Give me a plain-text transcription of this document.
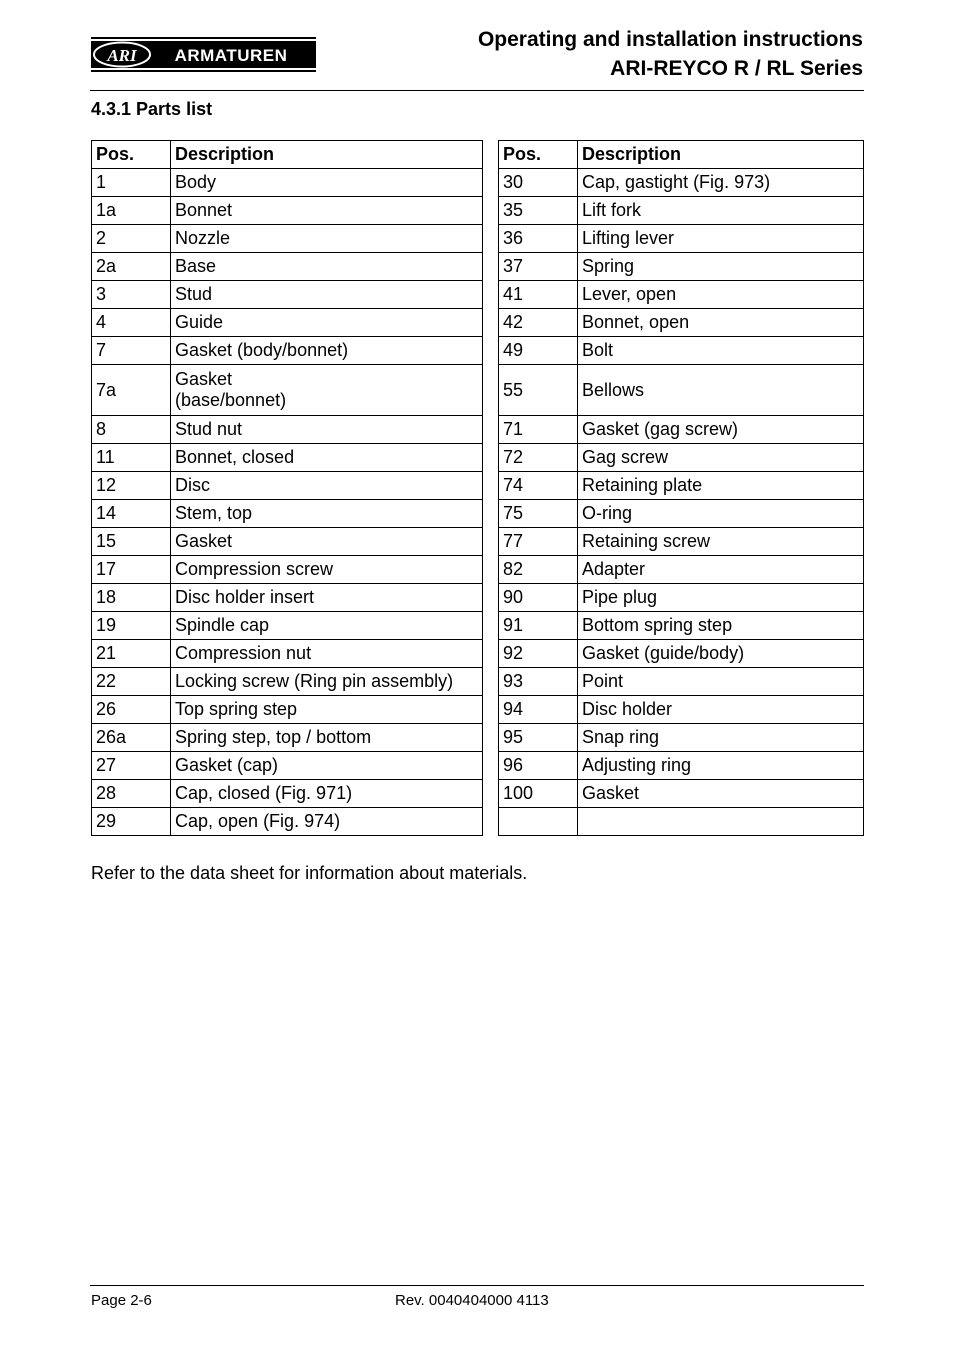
ARI ARMATUREN
Operating and installation instructions
ARI-REYCO R / RL Series
4.3.1 Parts list
Pos.	Description
1	Body
1a	Bonnet
2	Nozzle
2a	Base
3	Stud
4	Guide
7	Gasket (body/bonnet)
7a	Gasket
(base/bonnet)
8	Stud nut
11	Bonnet, closed
12	Disc
14	Stem, top
15	Gasket
17	Compression screw
18	Disc holder insert
19	Spindle cap
21	Compression nut
22	Locking screw (Ring pin assembly)
26	Top spring step
26a	Spring step, top / bottom
27	Gasket (cap)
28	Cap, closed (Fig. 971)
29	Cap, open (Fig. 974)
Pos.	Description
30	Cap, gastight (Fig. 973)
35	Lift fork
36	Lifting lever
37	Spring
41	Lever, open
42	Bonnet, open
49	Bolt
55	Bellows
71	Gasket (gag screw)
72	Gag screw
74	Retaining plate
75	O-ring
77	Retaining screw
82	Adapter
90	Pipe plug
91	Bottom spring step
92	Gasket (guide/body)
93	Point
94	Disc holder
95	Snap ring
96	Adjusting ring
100	Gasket

Refer to the data sheet for information about materials.
Page 2-6	Rev. 0040404000 4113
